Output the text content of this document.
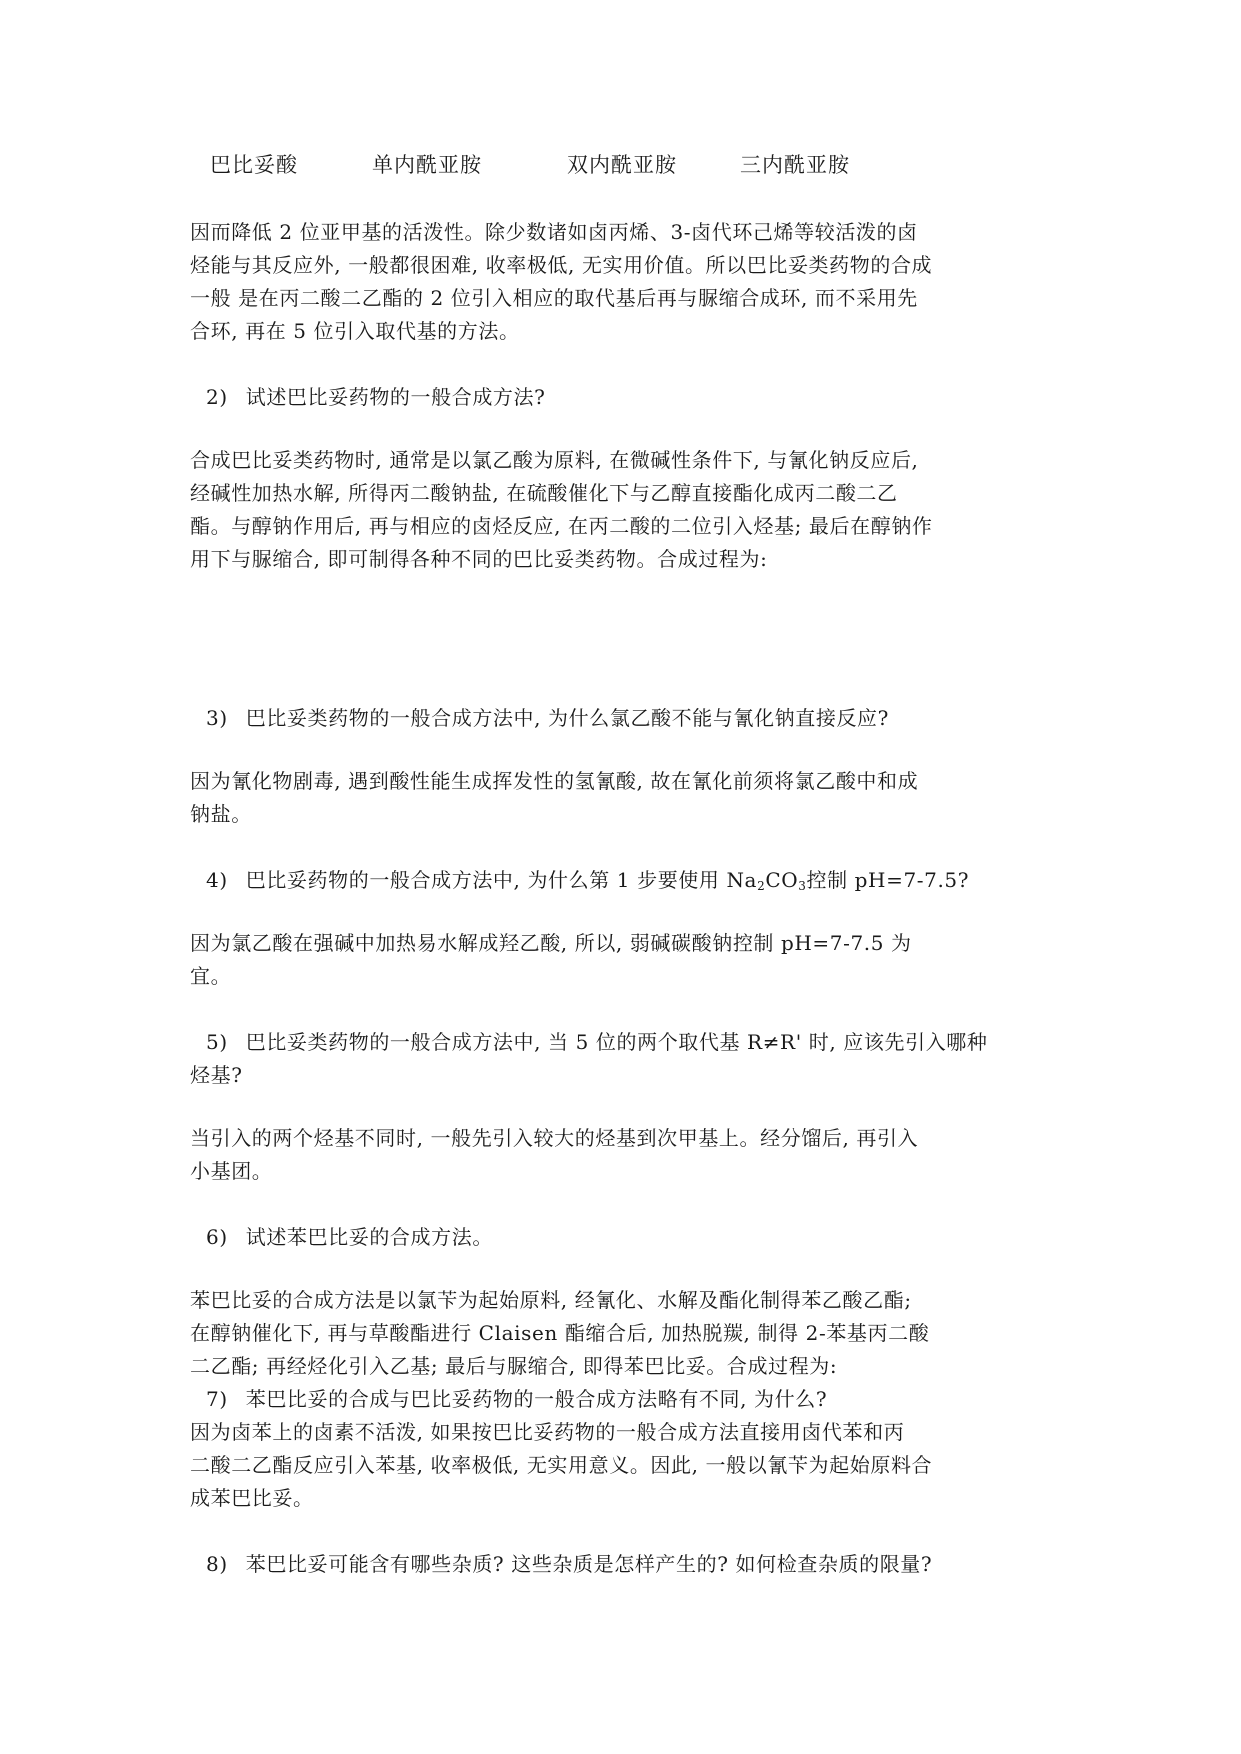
巴比妥酸	单内酰亚胺	双内酰亚胺	三内酰亚胺
因而降低 2 位亚甲基的活泼性。除少数诸如卤丙烯、3-卤代环己烯等较活泼的卤
烃能与其反应外, 一般都很困难, 收率极低, 无实用价值。所以巴比妥类药物的合成
一般 是在丙二酸二乙酯的 2 位引入相应的取代基后再与脲缩合成环, 而不采用先
合环, 再在 5 位引入取代基的方法。
2) 试述巴比妥药物的一般合成方法?
合成巴比妥类药物时, 通常是以氯乙酸为原料, 在微碱性条件下, 与氰化钠反应后,
经碱性加热水解, 所得丙二酸钠盐, 在硫酸催化下与乙醇直接酯化成丙二酸二乙
酯。与醇钠作用后, 再与相应的卤烃反应, 在丙二酸的二位引入烃基; 最后在醇钠作
用下与脲缩合, 即可制得各种不同的巴比妥类药物。合成过程为:
3) 巴比妥类药物的一般合成方法中, 为什么氯乙酸不能与氰化钠直接反应?
因为氰化物剧毒, 遇到酸性能生成挥发性的氢氰酸, 故在氰化前须将氯乙酸中和成
钠盐。
4) 巴比妥药物的一般合成方法中, 为什么第 1 步要使用 $Na_2CO_3$控制 pH=7-7.5?
因为氯乙酸在强碱中加热易水解成羟乙酸, 所以, 弱碱碳酸钠控制 pH=7-7.5 为
宜。
5) 巴比妥类药物的一般合成方法中, 当 5 位的两个取代基 R≠R' 时, 应该先引入哪种
烃基?
当引入的两个烃基不同时, 一般先引入较大的烃基到次甲基上。经分馏后, 再引入
小基团。
6) 试述苯巴比妥的合成方法。
苯巴比妥的合成方法是以氯苄为起始原料, 经氰化、水解及酯化制得苯乙酸乙酯;
在醇钠催化下, 再与草酸酯进行 Claisen 酯缩合后, 加热脱羰, 制得 2-苯基丙二酸
二乙酯; 再经烃化引入乙基; 最后与脲缩合, 即得苯巴比妥。合成过程为:
7) 苯巴比妥的合成与巴比妥药物的一般合成方法略有不同, 为什么?
因为卤苯上的卤素不活泼, 如果按巴比妥药物的一般合成方法直接用卤代苯和丙
二酸二乙酯反应引入苯基, 收率极低, 无实用意义。因此, 一般以氰苄为起始原料合
成苯巴比妥。
8) 苯巴比妥可能含有哪些杂质? 这些杂质是怎样产生的? 如何检查杂质的限量?
